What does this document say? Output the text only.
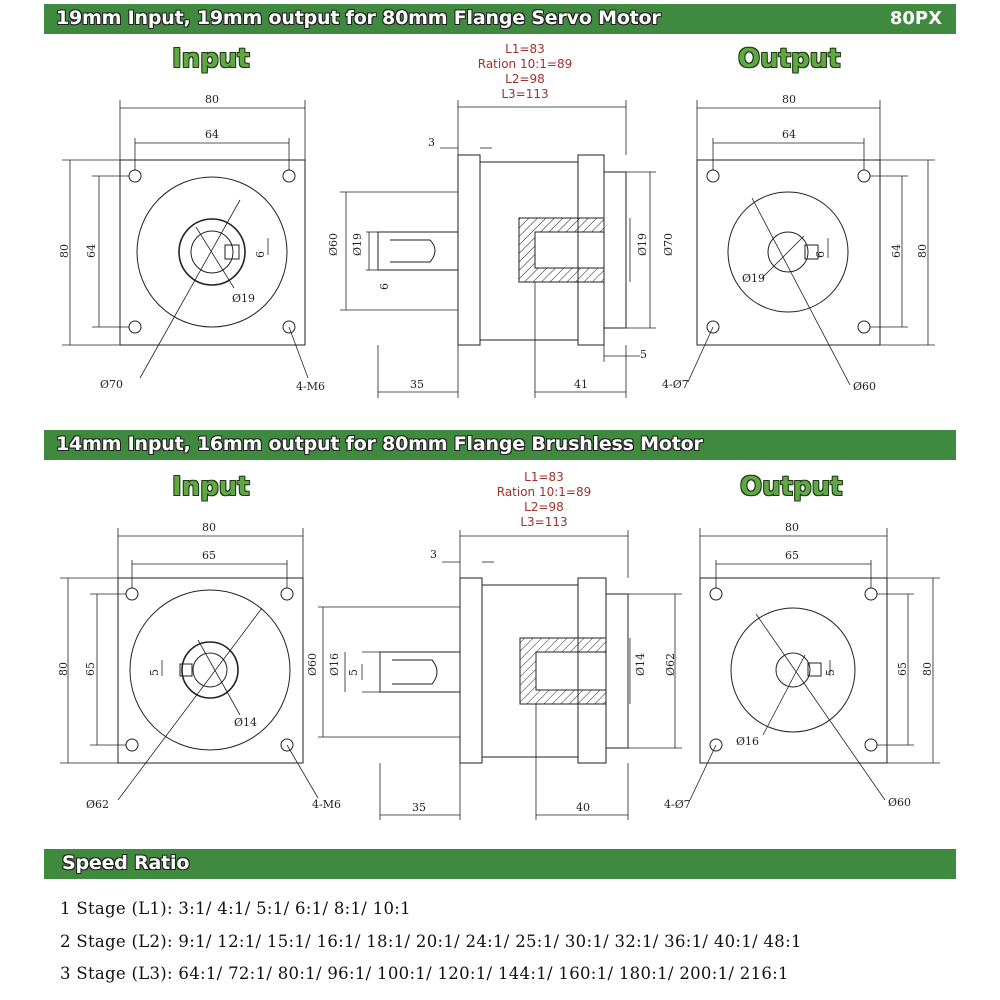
19mm Input, 19mm output for 80mm Flange Servo Motor	80PX
Input	Output
L1=83
Ration 10:1=89
L2=98
L3=113
80
64
80 64
Ø70
Ø19
6
4-M6
Ø60 Ø19
6
3
35	41
5
Ø19 Ø70
80
64
80
64
Ø19
6
4-Ø7	Ø60
14mm Input, 16mm output for 80mm Flange Brushless Motor
Input	Output
L1=83
Ration 10:1=89
L2=98
L3=113
80
65
80 65
Ø62
Ø14
5
4-M6
Ø60 Ø16 5
3
35	40
Ø14 Ø62
80
65
80
65
Ø16
5
4-Ø7	Ø60
Speed Ratio
1 Stage (L1): 3:1/ 4:1/ 5:1/ 6:1/ 8:1/ 10:1
2 Stage (L2): 9:1/ 12:1/ 15:1/ 16:1/ 18:1/ 20:1/ 24:1/ 25:1/ 30:1/ 32:1/ 36:1/ 40:1/ 48:1
3 Stage (L3): 64:1/ 72:1/ 80:1/ 96:1/ 100:1/ 120:1/ 144:1/ 160:1/ 180:1/ 200:1/ 216:1
